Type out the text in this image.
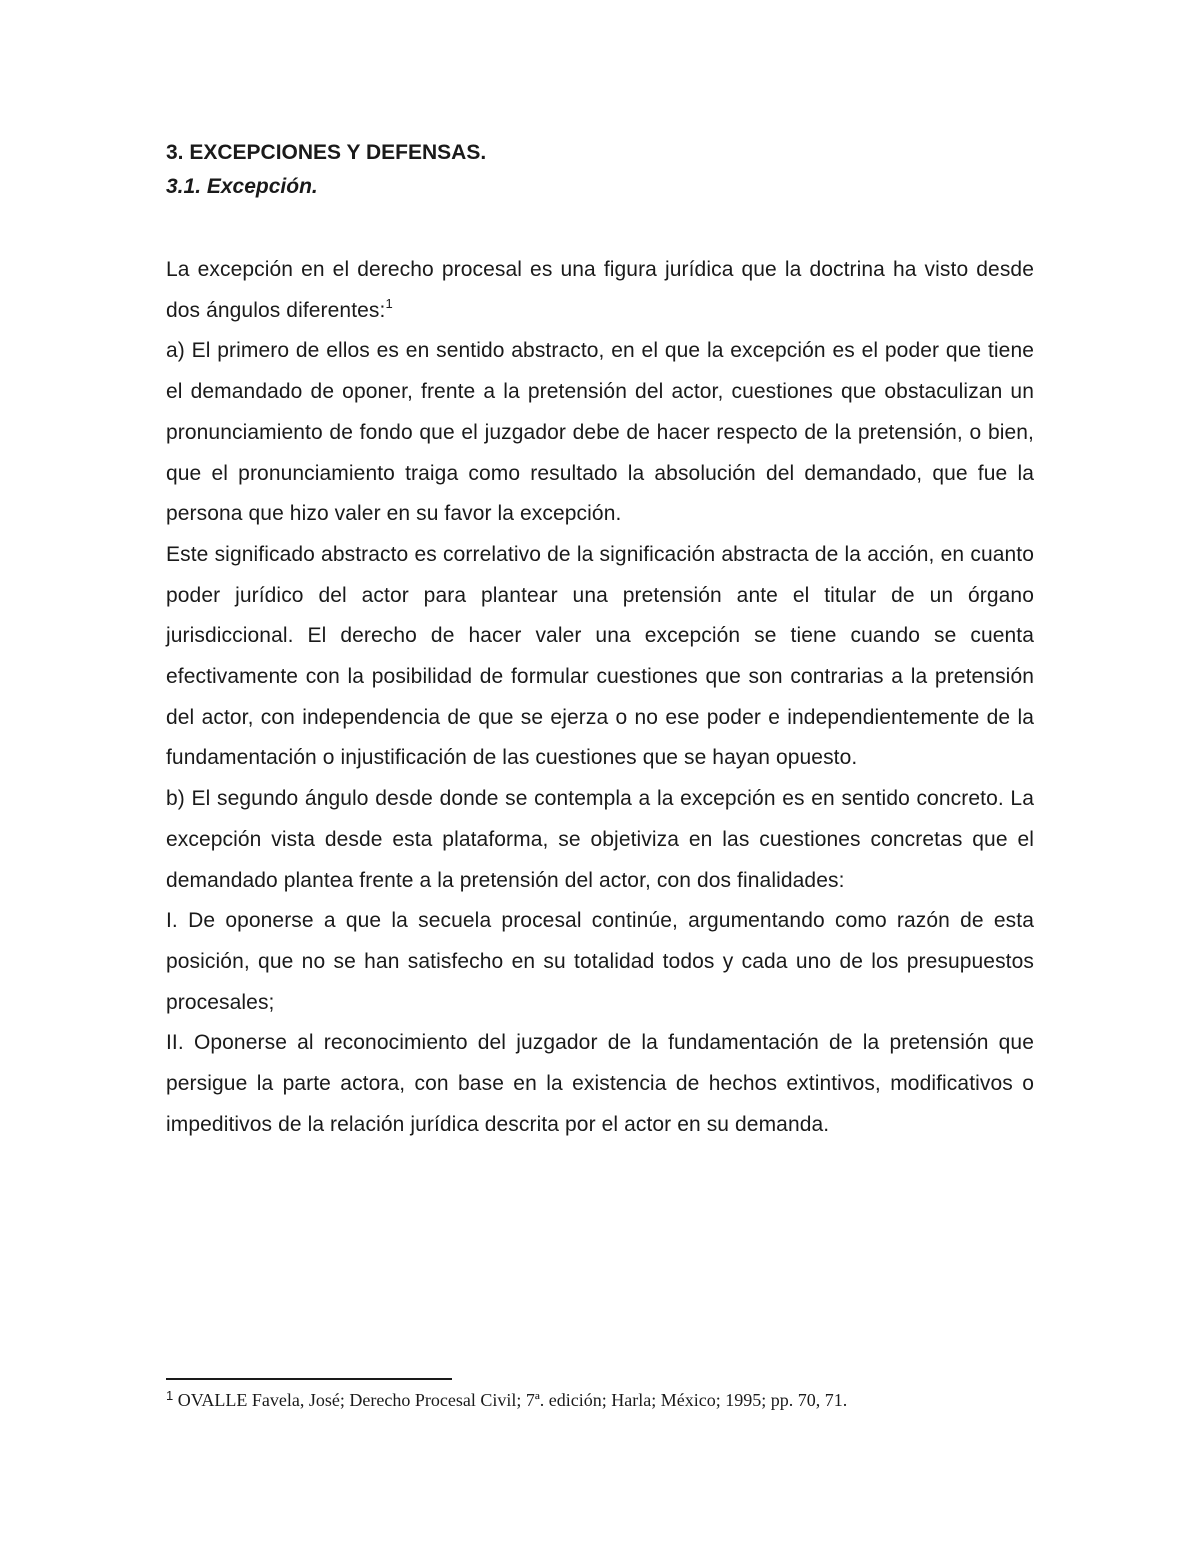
3. EXCEPCIONES Y DEFENSAS.
3.1. Excepción.

La excepción en el derecho procesal es una figura jurídica que la doctrina ha visto desde dos ángulos diferentes:$^1$

a) El primero de ellos es en sentido abstracto, en el que la excepción es el poder que tiene el demandado de oponer, frente a la pretensión del actor, cuestiones que obstaculizan un pronunciamiento de fondo que el juzgador debe de hacer respecto de la pretensión, o bien, que el pronunciamiento traiga como resultado la absolución del demandado, que fue la persona que hizo valer en su favor la excepción.

Este significado abstracto es correlativo de la significación abstracta de la acción, en cuanto poder jurídico del actor para plantear una pretensión ante el titular de un órgano jurisdiccional. El derecho de hacer valer una excepción se tiene cuando se cuenta efectivamente con la posibilidad de formular cuestiones que son contrarias a la pretensión del actor, con independencia de que se ejerza o no ese poder e independientemente de la fundamentación o injustificación de las cuestiones que se hayan opuesto.

b) El segundo ángulo desde donde se contempla a la excepción es en sentido concreto. La excepción vista desde esta plataforma, se objetiviza en las cuestiones concretas que el demandado plantea frente a la pretensión del actor, con dos finalidades:

I. De oponerse a que la secuela procesal continúe, argumentando como razón de esta posición, que no se han satisfecho en su totalidad todos y cada uno de los presupuestos procesales;

II. Oponerse al reconocimiento del juzgador de la fundamentación de la pretensión que persigue la parte actora, con base en la existencia de hechos extintivos, modificativos o impeditivos de la relación jurídica descrita por el actor en su demanda.

$^1$ OVALLE Favela, José; Derecho Procesal Civil; 7ª. edición; Harla; México; 1995; pp. 70, 71.
